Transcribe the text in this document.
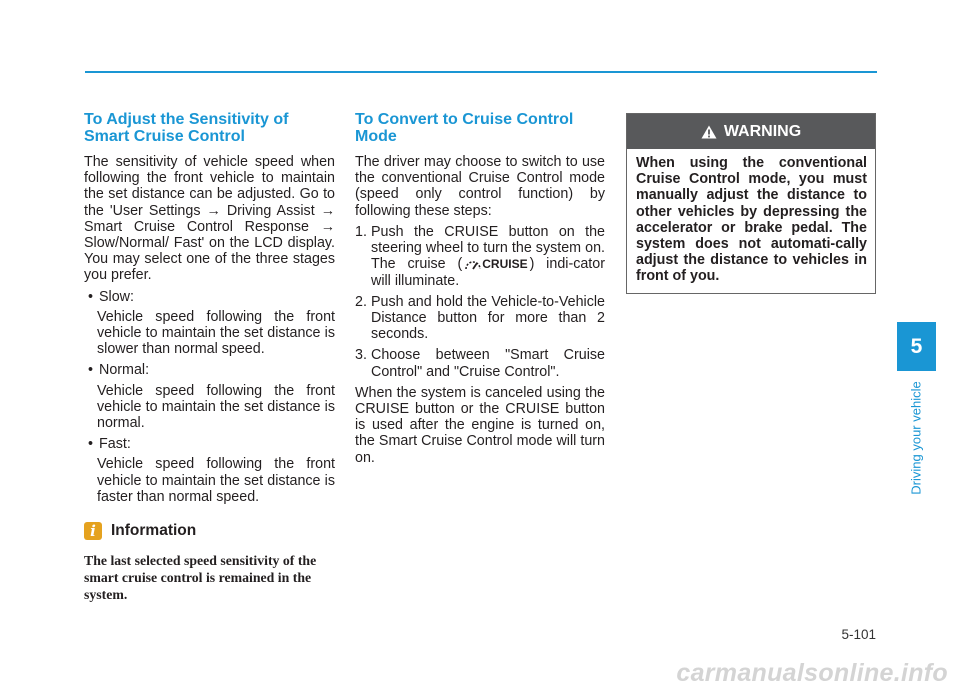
To Adjust the Sensitivity of Smart Cruise Control

The sensitivity of vehicle speed when following the front vehicle to maintain the set distance can be adjusted. Go to the 'User Settings → Driving Assist → Smart Cruise Control Response → Slow/Normal/ Fast' on the LCD display. You may select one of the three stages you prefer.

• Slow:
Vehicle speed following the front vehicle to maintain the set distance is slower than normal speed.
• Normal:
Vehicle speed following the front vehicle to maintain the set distance is normal.
• Fast:
Vehicle speed following the front vehicle to maintain the set distance is faster than normal speed.
i Information
The last selected speed sensitivity of the smart cruise control is remained in the system.
To Convert to Cruise Control Mode

The driver may choose to switch to use the conventional Cruise Control mode (speed only control function) by following these steps:

1. Push the CRUISE button on the steering wheel to turn the system on. The cruise ( CRUISE ) indi-cator will illuminate.
2. Push and hold the Vehicle-to-Vehicle Distance button for more than 2 seconds.
3. Choose between "Smart Cruise Control" and "Cruise Control".

When the system is canceled using the CRUISE button or the CRUISE button is used after the engine is turned on, the Smart Cruise Control mode will turn on.

WARNING
When using the conventional Cruise Control mode, you must manually adjust the distance to other vehicles by depressing the accelerator or brake pedal. The system does not automati-cally adjust the distance to vehicles in front of you.
5
Driving your vehicle
5-101
carmanualsonline.info
